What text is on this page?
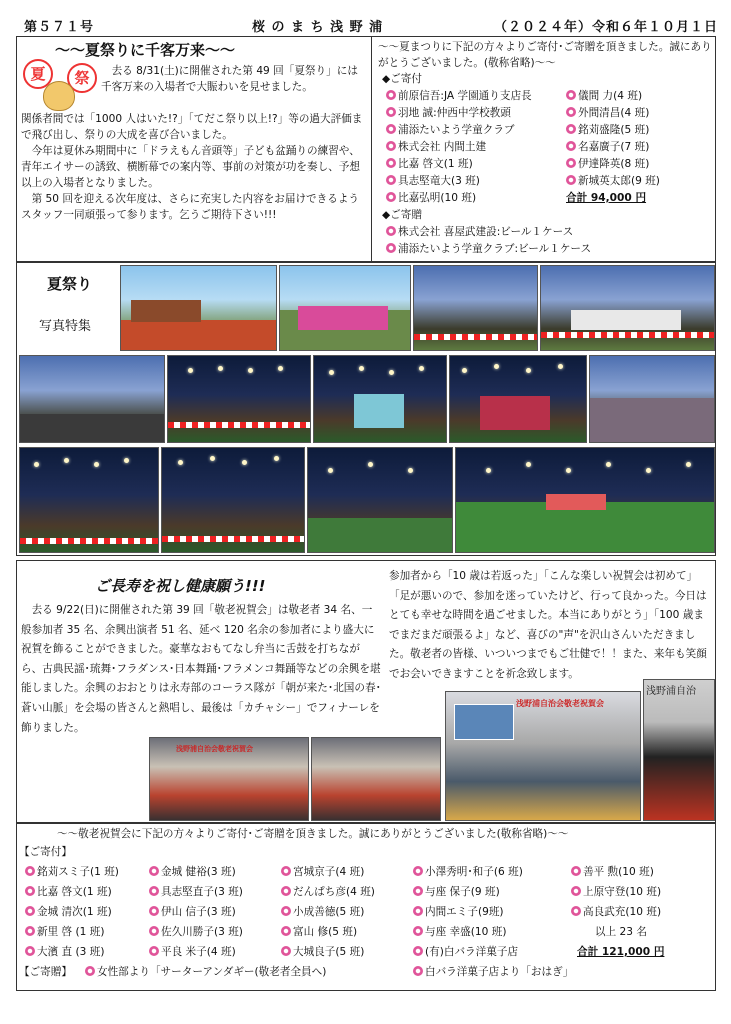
第５７１号	桜 の ま ち 浅 野 浦	（２０２４年）令和６年１０月１日
～～夏祭りに千客万来～～
夏	祭	去る 8/31(土)に開催された第 49 回「夏祭り」には千客万来の入場者で大賑わいを見せました。
関係者間では「1000 人はいた!?」「てだこ祭り以上!?」等の過大評価まで飛び出し、祭りの大成を喜び合いました。
今年は夏休み期間中に「ドラえもん音頭等」子ども盆踊りの練習や、青年エイサーの誘致、横断幕での案内等、事前の対策が功を奏し、予想以上の入場者となりました。
第 50 回を迎える次年度は、さらに充実した内容をお届けできるようスタッフ一同頑張って参ります。乞うご期待下さい!!!
～～夏まつりに下記の方々よりご寄付･ご寄贈を頂きました。誠にありがとうございました。(敬称省略)～～
◆ご寄付
前原信吾:JA 学園通り支店長
羽地 誠:仲西中学校教頭
浦添たいよう学童クラブ
株式会社 内間土建
比嘉 啓文(1 班)
具志堅竜大(3 班)
比嘉弘明(10 班)
儀間 力(4 班)
外間清昌(4 班)
銘苅盛隆(5 班)
名嘉廣子(7 班)
伊達降英(8 班)
新城英太郎(9 班)
合計 94,000 円
◆ご寄贈
株式会社 喜屋武建設:ビール１ケース
浦添たいよう学童クラブ:ビール１ケース
夏祭り
写真特集
ご長寿を祝し健康願う!!!
去る 9/22(日)に開催された第 39 回「敬老祝賀会」は敬老者 34 名、一般参加者 35 名、余興出演者 51 名、延べ 120 名余の参加者により盛大に祝賀を飾ることができました。豪華なおもてなし弁当に舌鼓を打ちながら、古典民謡･琉舞･フラダンス･日本舞踊･フラメンコ舞踊等などの余興を堪能しました。余興のおおとりは永寿部のコーラス隊が「朝が来た･北国の春･蒼い山脈」を会場の皆さんと熱唱し、最後は「カチャシー」でフィナーレを飾りました。
参加者から「10 歳は若返った」「こんな楽しい祝賀会は初めて」「足が悪いので、参加を迷っていたけど、行って良かった。今日はとても幸せな時間を過ごせました。本当にありがとう」「100 歳までまだまだ頑張るよ」など、喜びの"声"を沢山さんいただきました。敬老者の皆様、いついつまでもご壮健で！！また、来年も笑顔でお会いできますことを祈念致します。
浅野浦自治会敬老祝賀会
浅野浦自治会敬老祝賀会
浅野浦自治
～～敬老祝賀会に下記の方々よりご寄付･ご寄贈を頂きました。誠にありがとうございました(敬称省略)～～
【ご寄付】
銘苅スミ子(1 班)
比嘉 啓文(1 班)
金城 清次(1 班)
新里 啓 (1 班)
大濱 直 (3 班)
金城 健裕(3 班)
具志堅直子(3 班)
伊山 信子(3 班)
佐久川勝子(3 班)
平良 米子(4 班)
宮城京子(4 班)
だんぱち彦(4 班)
小成善徳(5 班)
富山 修(5 班)
大城良子(5 班)
小澤秀明･和子(6 班)
与座 保子(9 班)
内間エミ子(9班)
与座 幸盛(10 班)
(有)白バラ洋菓子店
善平 勲(10 班)
上原守登(10 班)
高良武充(10 班)
以上 23 名
合計 121,000 円
【ご寄贈】	女性部より「サーターアンダギー(敬老者全員へ)	白バラ洋菓子店より「おはぎ」
